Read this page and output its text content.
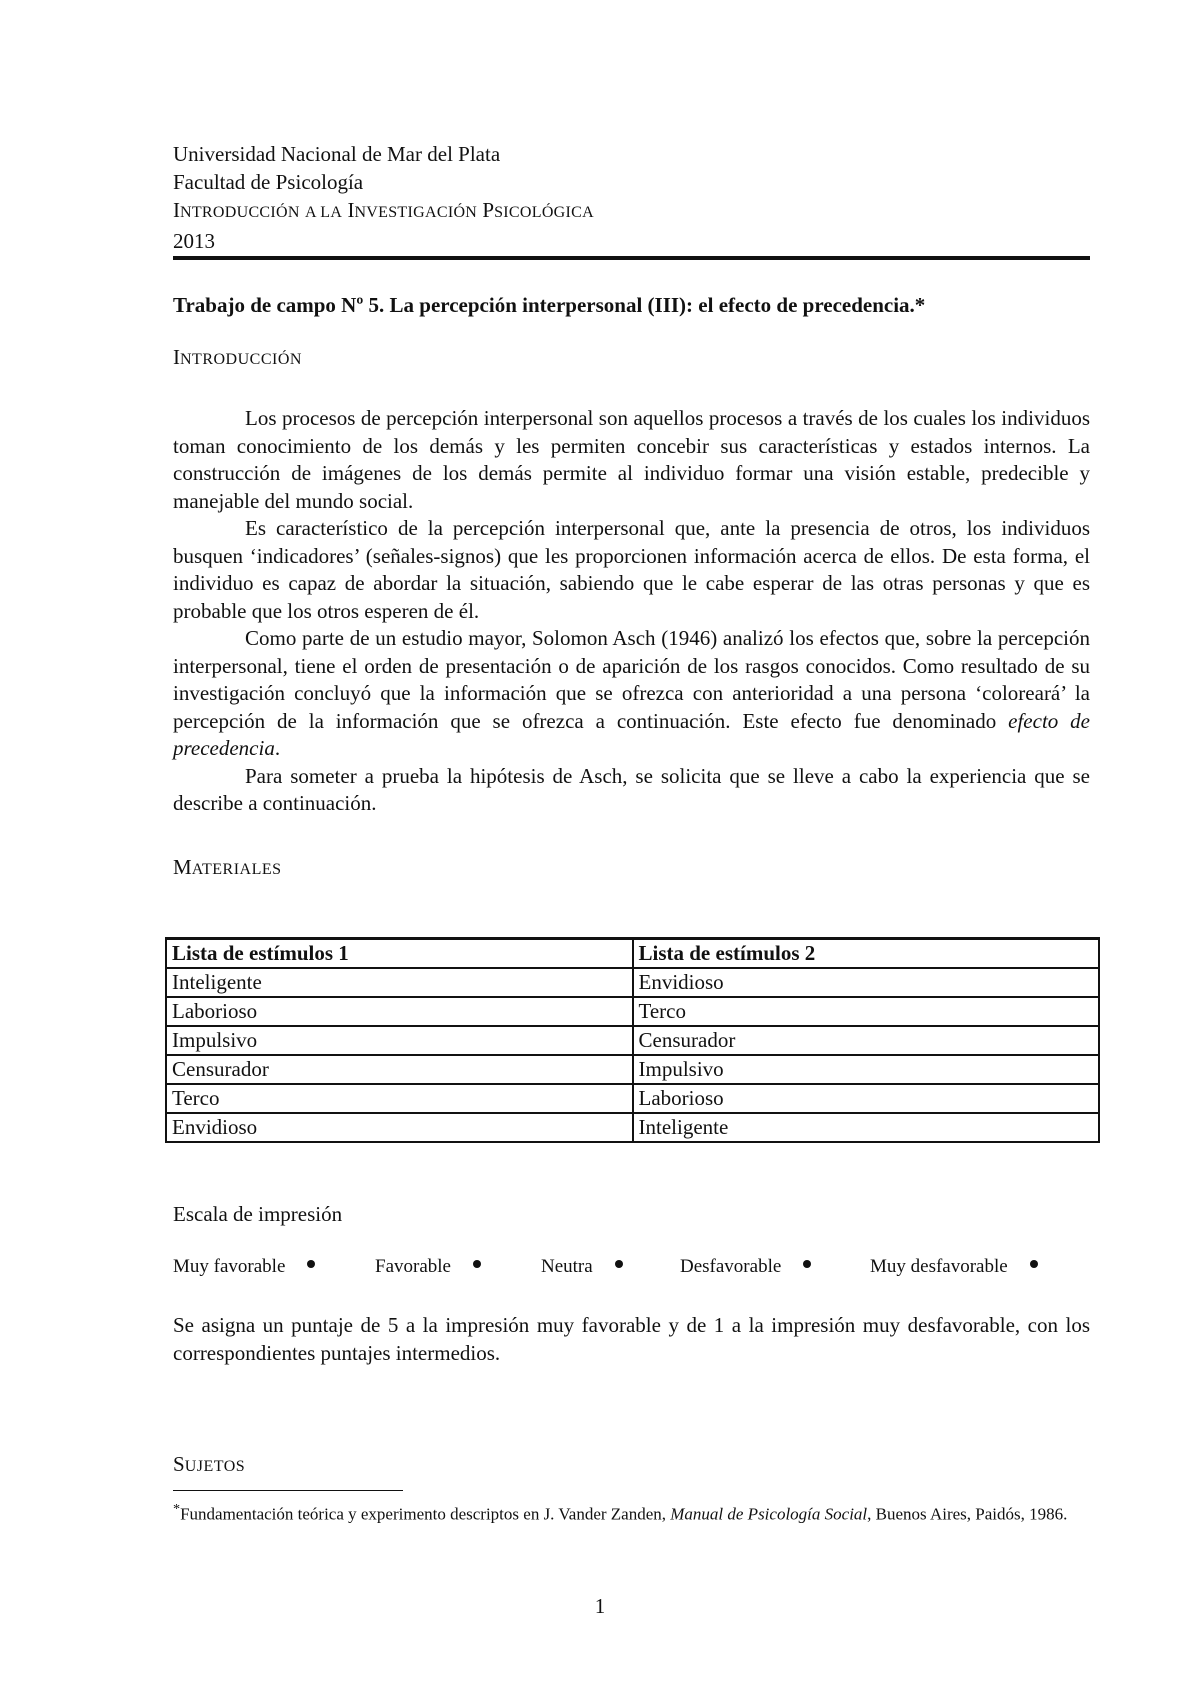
Universidad Nacional de Mar del Plata
Facultad de Psicología
INTRODUCCIÓN A LA INVESTIGACIÓN PSICOLÓGICA
2013
Trabajo de campo Nº 5. La percepción interpersonal (III): el efecto de precedencia.*
INTRODUCCIÓN

Los procesos de percepción interpersonal son aquellos procesos a través de los cuales los individuos toman conocimiento de los demás y les permiten concebir sus características y estados internos. La construcción de imágenes de los demás permite al individuo formar una visión estable, predecible y manejable del mundo social.

Es característico de la percepción interpersonal que, ante la presencia de otros, los individuos busquen ‘indicadores’ (señales-signos) que les proporcionen información acerca de ellos. De esta forma, el individuo es capaz de abordar la situación, sabiendo que le cabe esperar de las otras personas y que es probable que los otros esperen de él.

Como parte de un estudio mayor, Solomon Asch (1946) analizó los efectos que, sobre la percepción interpersonal, tiene el orden de presentación o de aparición de los rasgos conocidos. Como resultado de su investigación concluyó que la información que se ofrezca con anterioridad a una persona ‘coloreará’ la percepción de la información que se ofrezca a continuación. Este efecto fue denominado efecto de precedencia.

Para someter a prueba la hipótesis de Asch, se solicita que se lleve a cabo la experiencia que se describe a continuación.

MATERIALES
Lista de estímulos 1	Lista de estímulos 2
Inteligente	Envidioso
Laborioso	Terco
Impulsivo	Censurador
Censurador	Impulsivo
Terco	Laborioso
Envidioso	Inteligente
Escala de impresión
Muy favorable	Favorable	Neutra	Desfavorable	Muy desfavorable
Se asigna un puntaje de 5 a la impresión muy favorable y de 1 a la impresión muy desfavorable, con los correspondientes puntajes intermedios.
SUJETOS
*Fundamentación teórica y experimento descriptos en J. Vander Zanden, Manual de Psicología Social, Buenos Aires, Paidós, 1986.
1
